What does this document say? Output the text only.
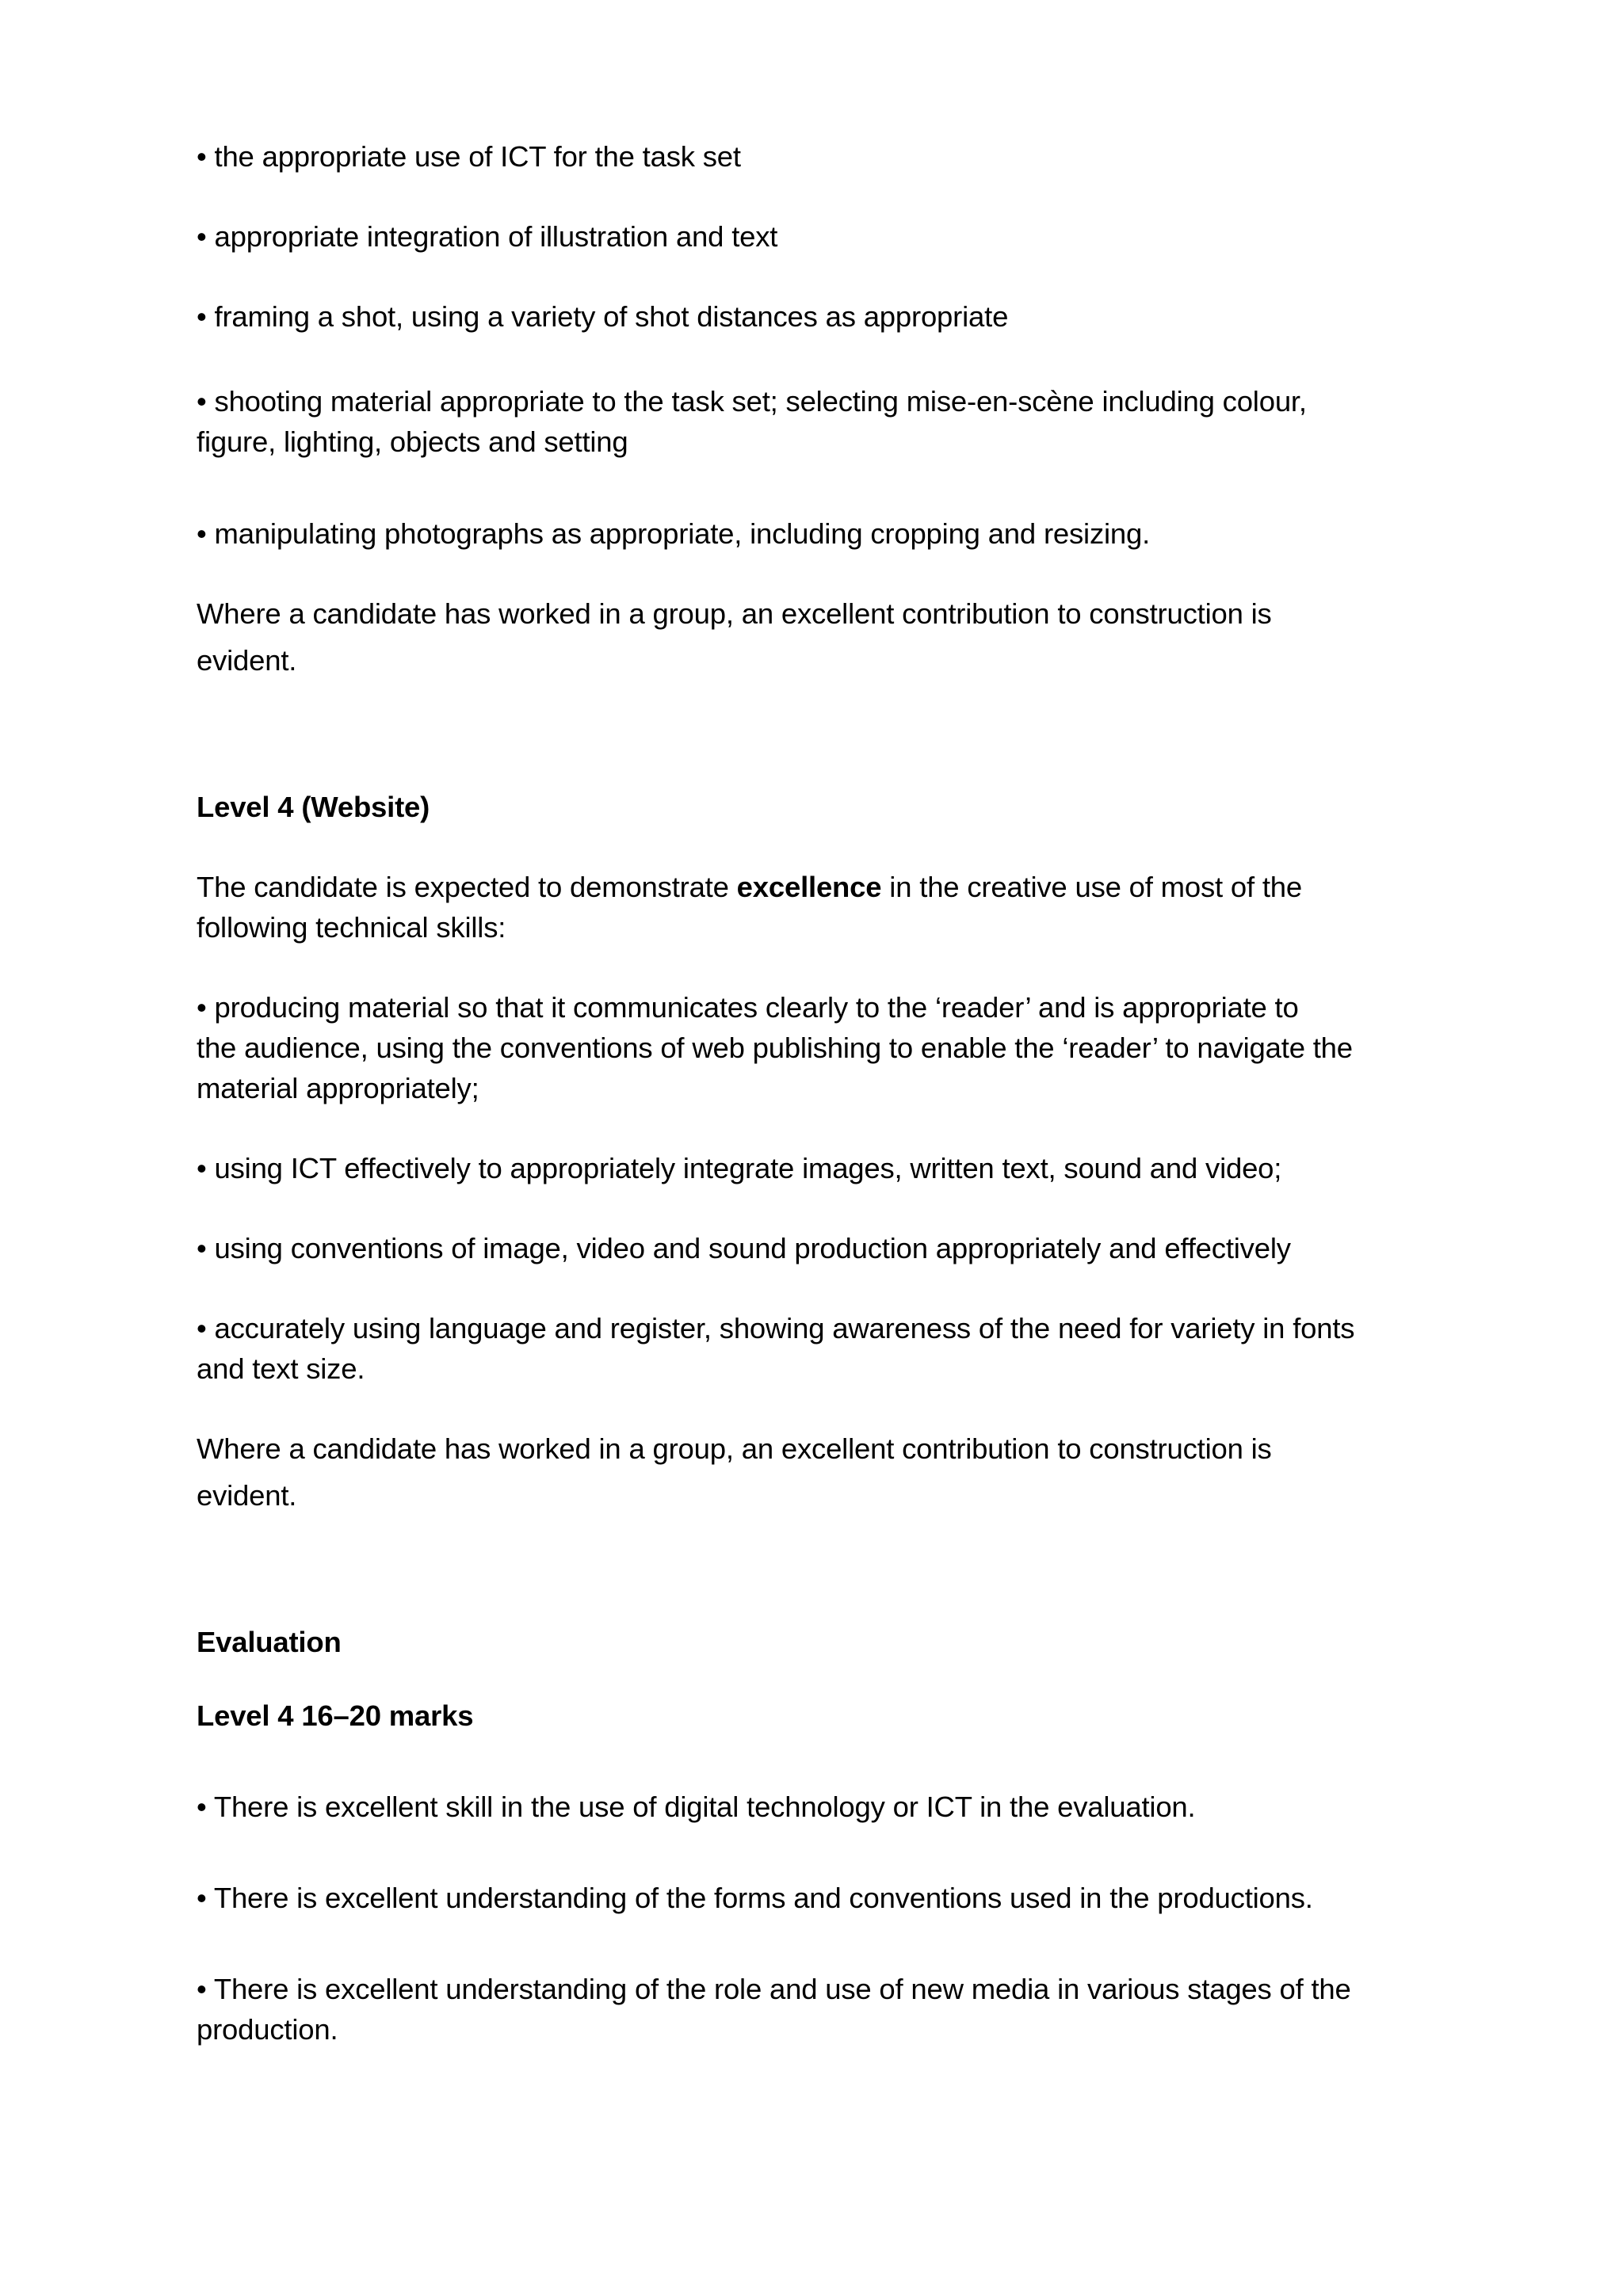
• the appropriate use of ICT for the task set
• appropriate integration of illustration and text
• framing a shot, using a variety of shot distances as appropriate
• shooting material appropriate to the task set; selecting mise-en-scène including colour,
figure, lighting, objects and setting
• manipulating photographs as appropriate, including cropping and resizing.
Where a candidate has worked in a group, an excellent contribution to construction is
evident.
Level 4 (Website)
The candidate is expected to demonstrate excellence in the creative use of most of the
following technical skills:
• producing material so that it communicates clearly to the ‘reader’ and is appropriate to
the audience, using the conventions of web publishing to enable the ‘reader’ to navigate the
material appropriately;
• using ICT effectively to appropriately integrate images, written text, sound and video;
• using conventions of image, video and sound production appropriately and effectively
• accurately using language and register, showing awareness of the need for variety in fonts
and text size.
Where a candidate has worked in a group, an excellent contribution to construction is
evident.
Evaluation
Level 4 16–20 marks
• There is excellent skill in the use of digital technology or ICT in the evaluation.
• There is excellent understanding of the forms and conventions used in the productions.
• There is excellent understanding of the role and use of new media in various stages of the
production.
